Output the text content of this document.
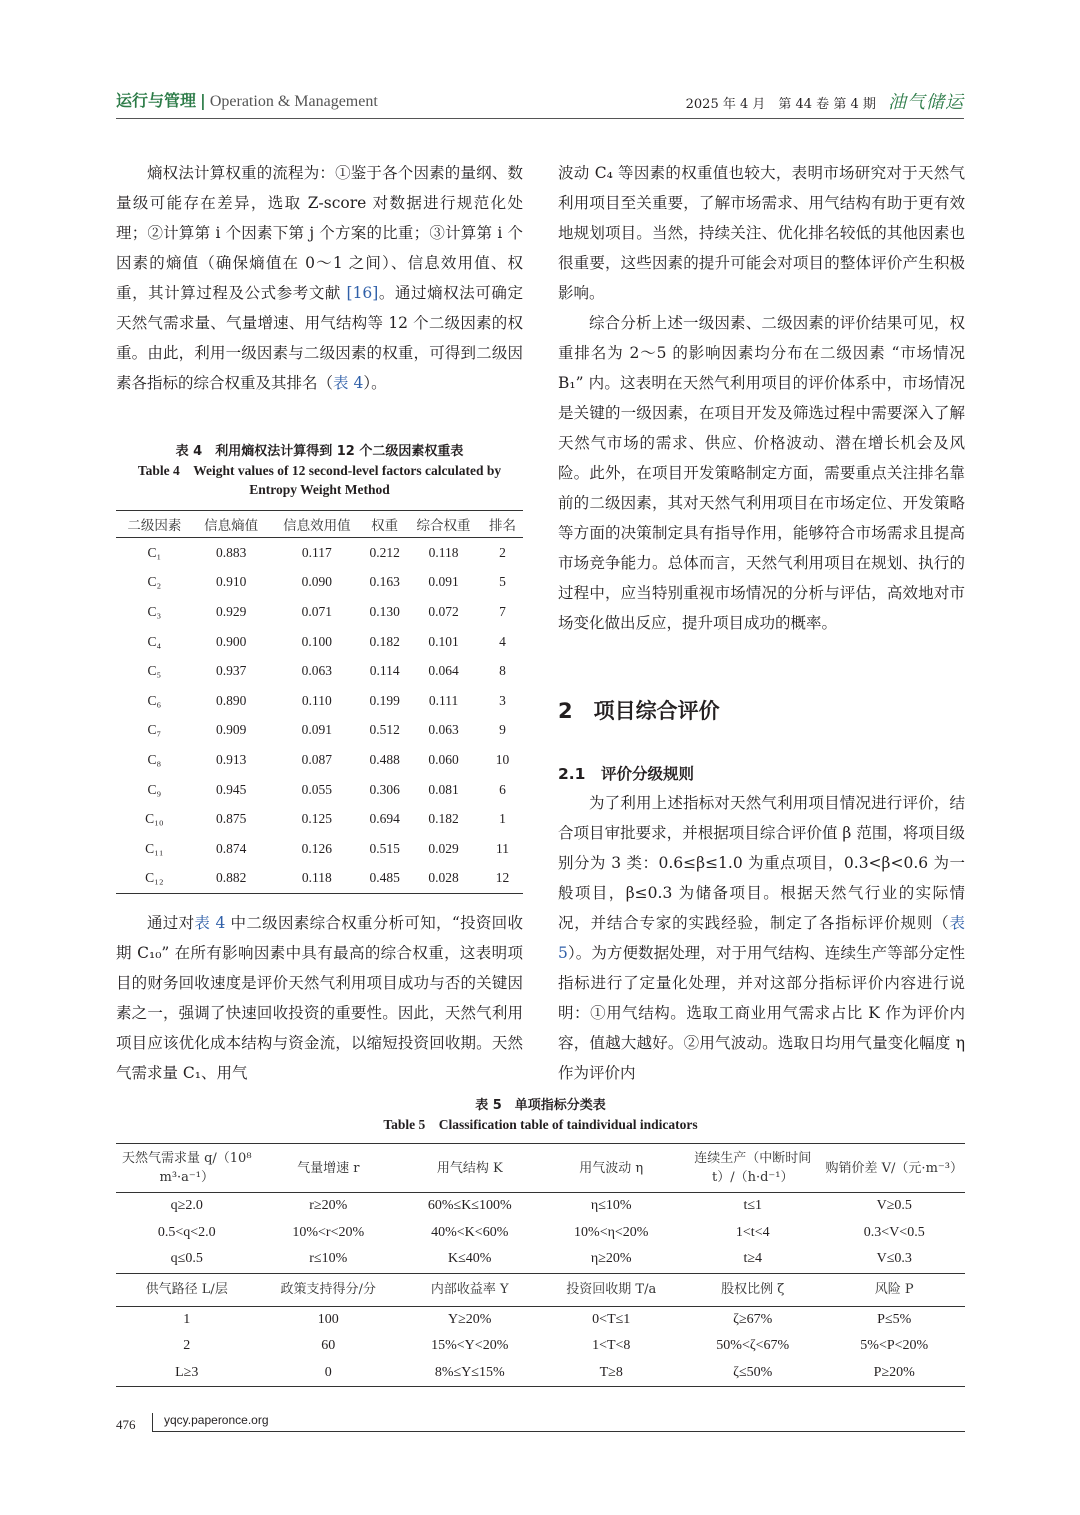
运行与管理 | Operation & Management	2025 年 4 月　第 44 卷 第 4 期 油气储运

熵权法计算权重的流程为：①鉴于各个因素的量纲、数量级可能存在差异，选取 Z-score 对数据进行规范化处理；②计算第 i 个因素下第 j 个方案的比重；③计算第 i 个因素的熵值（确保熵值在 0～1 之间）、信息效用值、权重，其计算过程及公式参考文献 [16]。通过熵权法可确定天然气需求量、气量增速、用气结构等 12 个二级因素的权重。由此，利用一级因素与二级因素的权重，可得到二级因素各指标的综合权重及其排名（表 4）。

表 4　利用熵权法计算得到 12 个二级因素权重表
Table 4　Weight values of 12 second-level factors calculated by Entropy Weight Method
二级因素	信息熵值	信息效用值	权重	综合权重	排名
C₁	0.883	0.117	0.212	0.118	2
C₂	0.910	0.090	0.163	0.091	5
C₃	0.929	0.071	0.130	0.072	7
C₄	0.900	0.100	0.182	0.101	4
C₅	0.937	0.063	0.114	0.064	8
C₆	0.890	0.110	0.199	0.111	3
C₇	0.909	0.091	0.512	0.063	9
C₈	0.913	0.087	0.488	0.060	10
C₉	0.945	0.055	0.306	0.081	6
C₁₀	0.875	0.125	0.694	0.182	1
C₁₁	0.874	0.126	0.515	0.029	11
C₁₂	0.882	0.118	0.485	0.028	12

通过对表 4 中二级因素综合权重分析可知，“投资回收期 C₁₀” 在所有影响因素中具有最高的综合权重，这表明项目的财务回收速度是评价天然气利用项目成功与否的关键因素之一，强调了快速回收投资的重要性。因此，天然气利用项目应该优化成本结构与资金流，以缩短投资回收期。天然气需求量 C₁、用气

波动 C₄ 等因素的权重值也较大，表明市场研究对于天然气利用项目至关重要，了解市场需求、用气结构有助于更有效地规划项目。当然，持续关注、优化排名较低的其他因素也很重要，这些因素的提升可能会对项目的整体评价产生积极影响。

综合分析上述一级因素、二级因素的评价结果可见，权重排名为 2～5 的影响因素均分布在二级因素 “市场情况 B₁” 内。这表明在天然气利用项目的评价体系中，市场情况是关键的一级因素，在项目开发及筛选过程中需要深入了解天然气市场的需求、供应、价格波动、潜在增长机会及风险。此外，在项目开发策略制定方面，需要重点关注排名靠前的二级因素，其对天然气利用项目在市场定位、开发策略等方面的决策制定具有指导作用，能够符合市场需求且提高市场竞争能力。总体而言，天然气利用项目在规划、执行的过程中，应当特别重视市场情况的分析与评估，高效地对市场变化做出反应，提升项目成功的概率。

2　项目综合评价
2.1　评价分级规则

为了利用上述指标对天然气利用项目情况进行评价，结合项目审批要求，并根据项目综合评价值 β 范围，将项目级别分为 3 类：0.6≤β≤1.0 为重点项目，0.3<β<0.6 为一般项目，β≤0.3 为储备项目。根据天然气行业的实际情况，并结合专家的实践经验，制定了各指标评价规则（表 5）。为方便数据处理，对于用气结构、连续生产等部分定性指标进行了定量化处理，并对这部分指标评价内容进行说明：①用气结构。选取工商业用气需求占比 K 作为评价内容，值越大越好。②用气波动。选取日均用气量变化幅度 η 作为评价内

表 5　单项指标分类表
Table 5　Classification table of taindividual indicators
天然气需求量 q/（10⁸ m³·a⁻¹）	气量增速 r	用气结构 K	用气波动 η	连续生产（中断时间 t）/（h·d⁻¹）	购销价差 V/（元·m⁻³）
q≥2.0	r≥20%	60%≤K≤100%	η≤10%	t≤1	V≥0.5
0.5<q<2.0	10%<r<20%	40%<K<60%	10%<η<20%	1<t<4	0.3<V<0.5
q≤0.5	r≤10%	K≤40%	η≥20%	t≥4	V≤0.3
供气路径 L/层	政策支持得分/分	内部收益率 Y	投资回收期 T/a	股权比例 ζ	风险 P
1	100	Y≥20%	0<T≤1	ζ≥67%	P≤5%
2	60	15%<Y<20%	1<T<8	50%<ζ<67%	5%<P<20%
L≥3	0	8%≤Y≤15%	T≥8	ζ≤50%	P≥20%
476 yqcy.paperonce.org
